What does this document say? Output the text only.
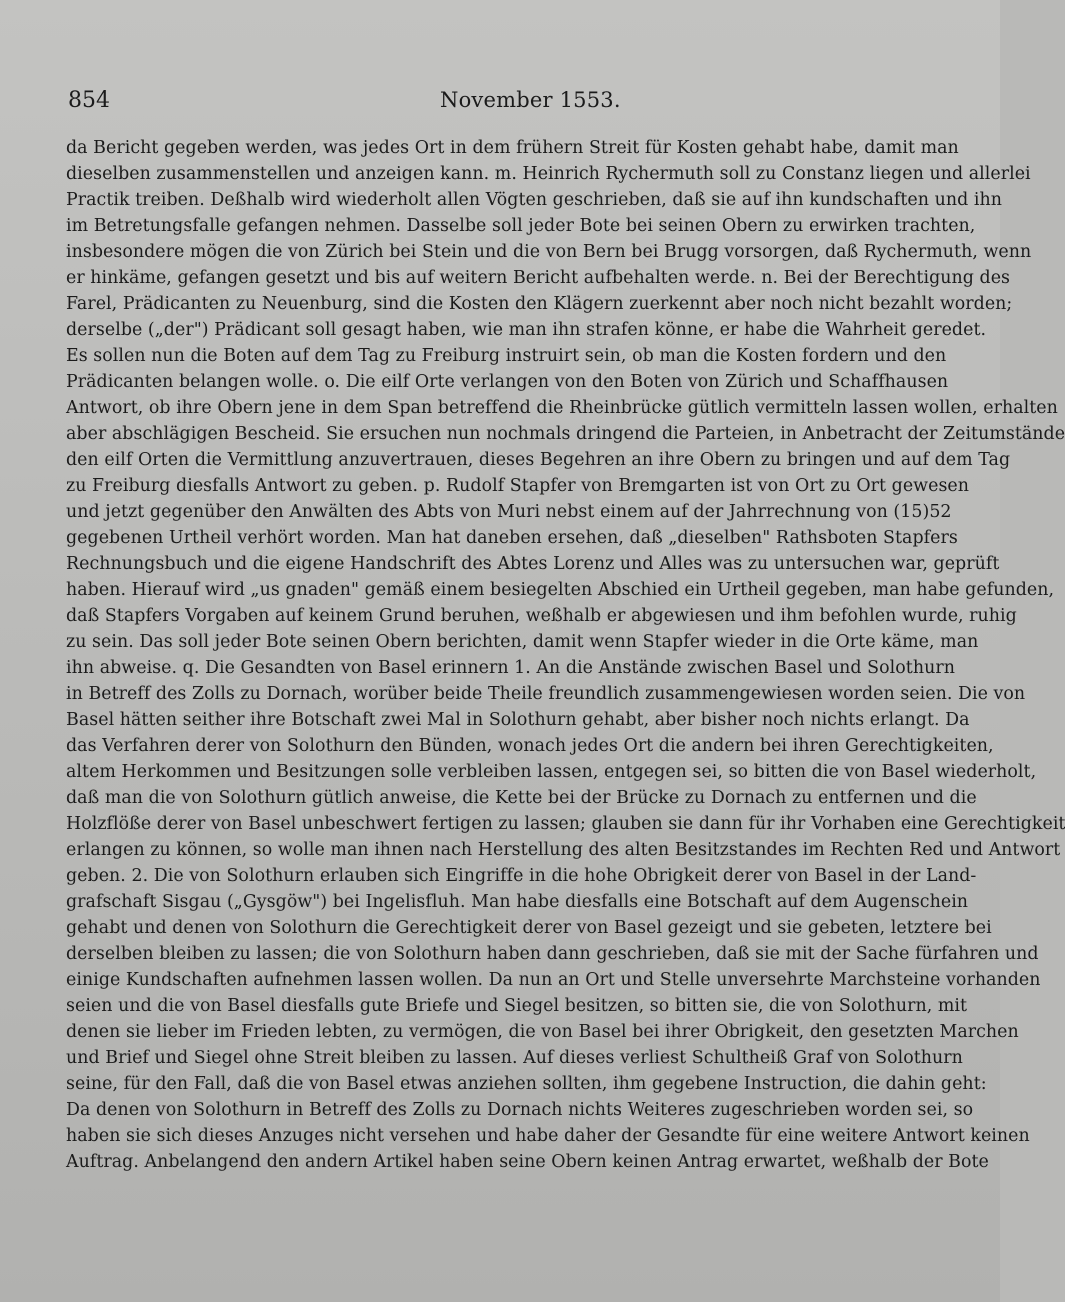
854	November 1553.
da Bericht gegeben werden, was jedes Ort in dem frühern Streit für Kosten gehabt habe, damit man
dieselben zusammenstellen und anzeigen kann. m. Heinrich Rychermuth soll zu Constanz liegen und allerlei
Practik treiben. Deßhalb wird wiederholt allen Vögten geschrieben, daß sie auf ihn kundschaften und ihn
im Betretungsfalle gefangen nehmen. Dasselbe soll jeder Bote bei seinen Obern zu erwirken trachten,
insbesondere mögen die von Zürich bei Stein und die von Bern bei Brugg vorsorgen, daß Rychermuth, wenn
er hinkäme, gefangen gesetzt und bis auf weitern Bericht aufbehalten werde. n. Bei der Berechtigung des
Farel, Prädicanten zu Neuenburg, sind die Kosten den Klägern zuerkennt aber noch nicht bezahlt worden;
derselbe („der") Prädicant soll gesagt haben, wie man ihn strafen könne, er habe die Wahrheit geredet.
Es sollen nun die Boten auf dem Tag zu Freiburg instruirt sein, ob man die Kosten fordern und den
Prädicanten belangen wolle. o. Die eilf Orte verlangen von den Boten von Zürich und Schaffhausen
Antwort, ob ihre Obern jene in dem Span betreffend die Rheinbrücke gütlich vermitteln lassen wollen, erhalten
aber abschlägigen Bescheid. Sie ersuchen nun nochmals dringend die Parteien, in Anbetracht der Zeitumstände
den eilf Orten die Vermittlung anzuvertrauen, dieses Begehren an ihre Obern zu bringen und auf dem Tag
zu Freiburg diesfalls Antwort zu geben. p. Rudolf Stapfer von Bremgarten ist von Ort zu Ort gewesen
und jetzt gegenüber den Anwälten des Abts von Muri nebst einem auf der Jahrrechnung von (15)52
gegebenen Urtheil verhört worden. Man hat daneben ersehen, daß „dieselben" Rathsboten Stapfers
Rechnungsbuch und die eigene Handschrift des Abtes Lorenz und Alles was zu untersuchen war, geprüft
haben. Hierauf wird „us gnaden" gemäß einem besiegelten Abschied ein Urtheil gegeben, man habe gefunden,
daß Stapfers Vorgaben auf keinem Grund beruhen, weßhalb er abgewiesen und ihm befohlen wurde, ruhig
zu sein. Das soll jeder Bote seinen Obern berichten, damit wenn Stapfer wieder in die Orte käme, man
ihn abweise. q. Die Gesandten von Basel erinnern 1. An die Anstände zwischen Basel und Solothurn
in Betreff des Zolls zu Dornach, worüber beide Theile freundlich zusammengewiesen worden seien. Die von
Basel hätten seither ihre Botschaft zwei Mal in Solothurn gehabt, aber bisher noch nichts erlangt. Da
das Verfahren derer von Solothurn den Bünden, wonach jedes Ort die andern bei ihren Gerechtigkeiten,
altem Herkommen und Besitzungen solle verbleiben lassen, entgegen sei, so bitten die von Basel wiederholt,
daß man die von Solothurn gütlich anweise, die Kette bei der Brücke zu Dornach zu entfernen und die
Holzflöße derer von Basel unbeschwert fertigen zu lassen; glauben sie dann für ihr Vorhaben eine Gerechtigkeit
erlangen zu können, so wolle man ihnen nach Herstellung des alten Besitzstandes im Rechten Red und Antwort
geben. 2. Die von Solothurn erlauben sich Eingriffe in die hohe Obrigkeit derer von Basel in der Land-
grafschaft Sisgau („Gysgöw") bei Ingelisfluh. Man habe diesfalls eine Botschaft auf dem Augenschein
gehabt und denen von Solothurn die Gerechtigkeit derer von Basel gezeigt und sie gebeten, letztere bei
derselben bleiben zu lassen; die von Solothurn haben dann geschrieben, daß sie mit der Sache fürfahren und
einige Kundschaften aufnehmen lassen wollen. Da nun an Ort und Stelle unversehrte Marchsteine vorhanden
seien und die von Basel diesfalls gute Briefe und Siegel besitzen, so bitten sie, die von Solothurn, mit
denen sie lieber im Frieden lebten, zu vermögen, die von Basel bei ihrer Obrigkeit, den gesetzten Marchen
und Brief und Siegel ohne Streit bleiben zu lassen. Auf dieses verliest Schultheiß Graf von Solothurn
seine, für den Fall, daß die von Basel etwas anziehen sollten, ihm gegebene Instruction, die dahin geht:
Da denen von Solothurn in Betreff des Zolls zu Dornach nichts Weiteres zugeschrieben worden sei, so
haben sie sich dieses Anzuges nicht versehen und habe daher der Gesandte für eine weitere Antwort keinen
Auftrag. Anbelangend den andern Artikel haben seine Obern keinen Antrag erwartet, weßhalb der Bote
